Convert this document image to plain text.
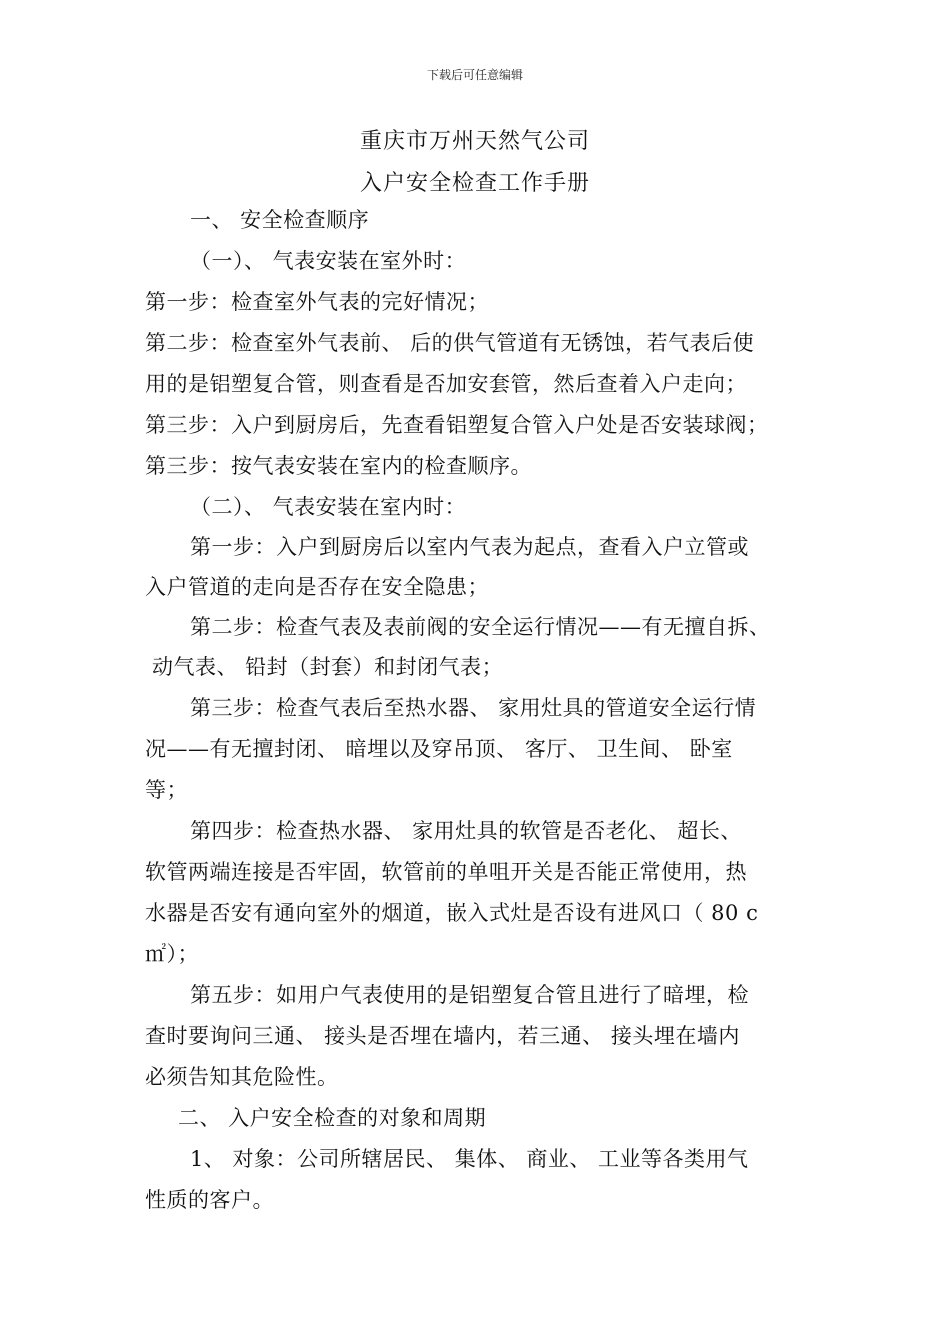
下载后可任意编辑
重庆市万州天然气公司
入户安全检查工作手册
一、 安全检查顺序
（一）、 气表安装在室外时：
第一步：检查室外气表的完好情况；
第二步：检查室外气表前、 后的供气管道有无锈蚀，若气表后使
用的是铝塑复合管，则查看是否加安套管，然后查着入户走向；
第三步：入户到厨房后，先查看铝塑复合管入户处是否安装球阀；
第三步：按气表安装在室内的检查顺序。
（二）、 气表安装在室内时：
第一步：入户到厨房后以室内气表为起点，查看入户立管或
入户管道的走向是否存在安全隐患；
第二步：检查气表及表前阀的安全运行情况——有无擅自拆、
动气表、 铅封（封套）和封闭气表；
第三步：检查气表后至热水器、 家用灶具的管道安全运行情
况——有无擅封闭、 暗埋以及穿吊顶、 客厅、 卫生间、 卧室
等；
第四步：检查热水器、 家用灶具的软管是否老化、 超长、
软管两端连接是否牢固，软管前的单咀开关是否能正常使用，热
水器是否安有通向室外的烟道，嵌入式灶是否设有进风口（ 80 c
㎡）；
第五步：如用户气表使用的是铝塑复合管且进行了暗埋，检
查时要询问三通、 接头是否埋在墙内，若三通、 接头埋在墙内
必须告知其危险性。
二、 入户安全检查的对象和周期
1、 对象：公司所辖居民、 集体、 商业、 工业等各类用气
性质的客户。
